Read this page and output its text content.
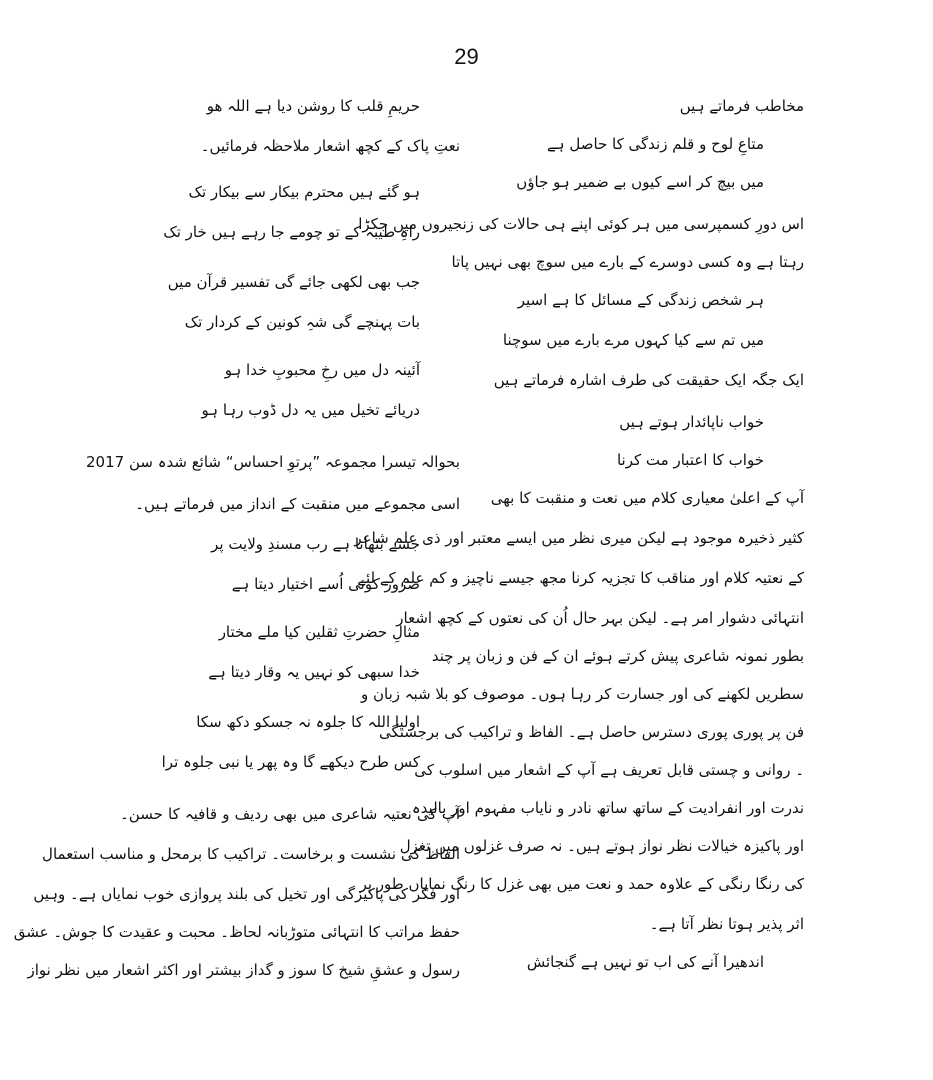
29
مخاطب فرماتے ہیں
متاعِ لوح و قلم زندگی کا حاصل ہے
میں بیچ کر اسے کیوں بے ضمیر ہو جاؤں
اس دورِ کسمپرسی میں ہر کوئی اپنے ہی حالات کی زنجیروں میں جکڑا
رہتا ہے وہ کسی دوسرے کے بارے میں سوچ بھی نہیں پاتا
ہر شخص زندگی کے مسائل کا ہے اسیر
میں تم سے کیا کہوں مرے بارے میں سوچنا
ایک جگہ ایک حقیقت کی طرف اشارہ فرماتے ہیں
خواب ناپائدار ہوتے ہیں
خواب کا اعتبار مت کرنا
آپ کے اعلیٰ معیاری کلام میں نعت و منقبت کا بھی
کثیر ذخیرہ موجود ہے لیکن میری نظر میں ایسے معتبر اور ذی علم شاعر
کے نعتیہ کلام اور مناقب کا تجزیہ کرنا مجھ جیسے ناچیز و کم علم کے لئے
انتہائی دشوار امر ہے۔ لیکن بہر حال اُن کی نعتوں کے کچھ اشعار
بطور نمونہ شاعری پیش کرتے ہوئے ان کے فن و زبان پر چند
سطریں لکھنے کی اور جسارت کر رہا ہوں۔ موصوف کو بلا شبہ زبان و
فن پر پوری پوری دسترس حاصل ہے۔ الفاظ و تراکیب کی برجستگی
۔ روانی و چستی قابل تعریف ہے آپ کے اشعار میں اسلوب کی
ندرت اور انفرادیت کے ساتھ ساتھ نادر و نایاب مفہوم اور بالیدہ
اور پاکیزہ خیالات نظر نواز ہوتے ہیں۔ نہ صرف غزلوں میں تغزل
کی رنگا رنگی کے علاوہ حمد و نعت میں بھی غزل کا رنگ نمایاں طور پر
اثر پذیر ہوتا نظر آتا ہے۔
اندھیرا آنے کی اب تو نہیں ہے گنجائش
حریمِ قلب کا روشن دیا ہے اللہ ھو
نعتِ پاک کے کچھ اشعار ملاحظہ فرمائیں۔
ہو گئے ہیں محترم بیکار سے بیکار تک
راہِ طیبہ کے تو چومے جا رہے ہیں خار تک
جب بھی لکھی جائے گی تفسیر قرآن میں
بات پہنچے گی شہِ کونین کے کردار تک
آئینہ دل میں رخِ محبوبِ خدا ہو
دریائے تخیل میں یہ دل ڈوب رہا ہو
بحوالہ تیسرا مجموعہ ”پرتوِ احساس“ شائع شدہ سن 2017
اسی مجموعے میں منقبت کے انداز میں فرماتے ہیں۔
جسے بٹھاتا ہے رب مسندِ ولایت پر
ضرور کوئی اُسے اختیار دیتا ہے
مثالِ حضرتِ ثقلین کیا ملے مختار
خدا سبھی کو نہیں یہ وقار دیتا ہے
اولیا اللہ کا جلوہ نہ جسکو دکھ سکا
کس طرح دیکھے گا وہ پھر یا نبی جلوہ ترا
آپ کی نعتیہ شاعری میں بھی ردیف و قافیہ کا حسن۔
الفاظ کی نشست و برخاست۔ تراکیب کا برمحل و مناسب استعمال
اور فکر کی پاکیزگی اور تخیل کی بلند پروازی خوب نمایاں ہے۔ وہیں
حفظ مراتب کا انتہائی متوڑبانہ لحاظ۔ محبت و عقیدت کا جوش۔ عشق
رسول و عشقِ شیخ کا سوز و گداز بیشتر اور اکثر اشعار میں نظر نواز
